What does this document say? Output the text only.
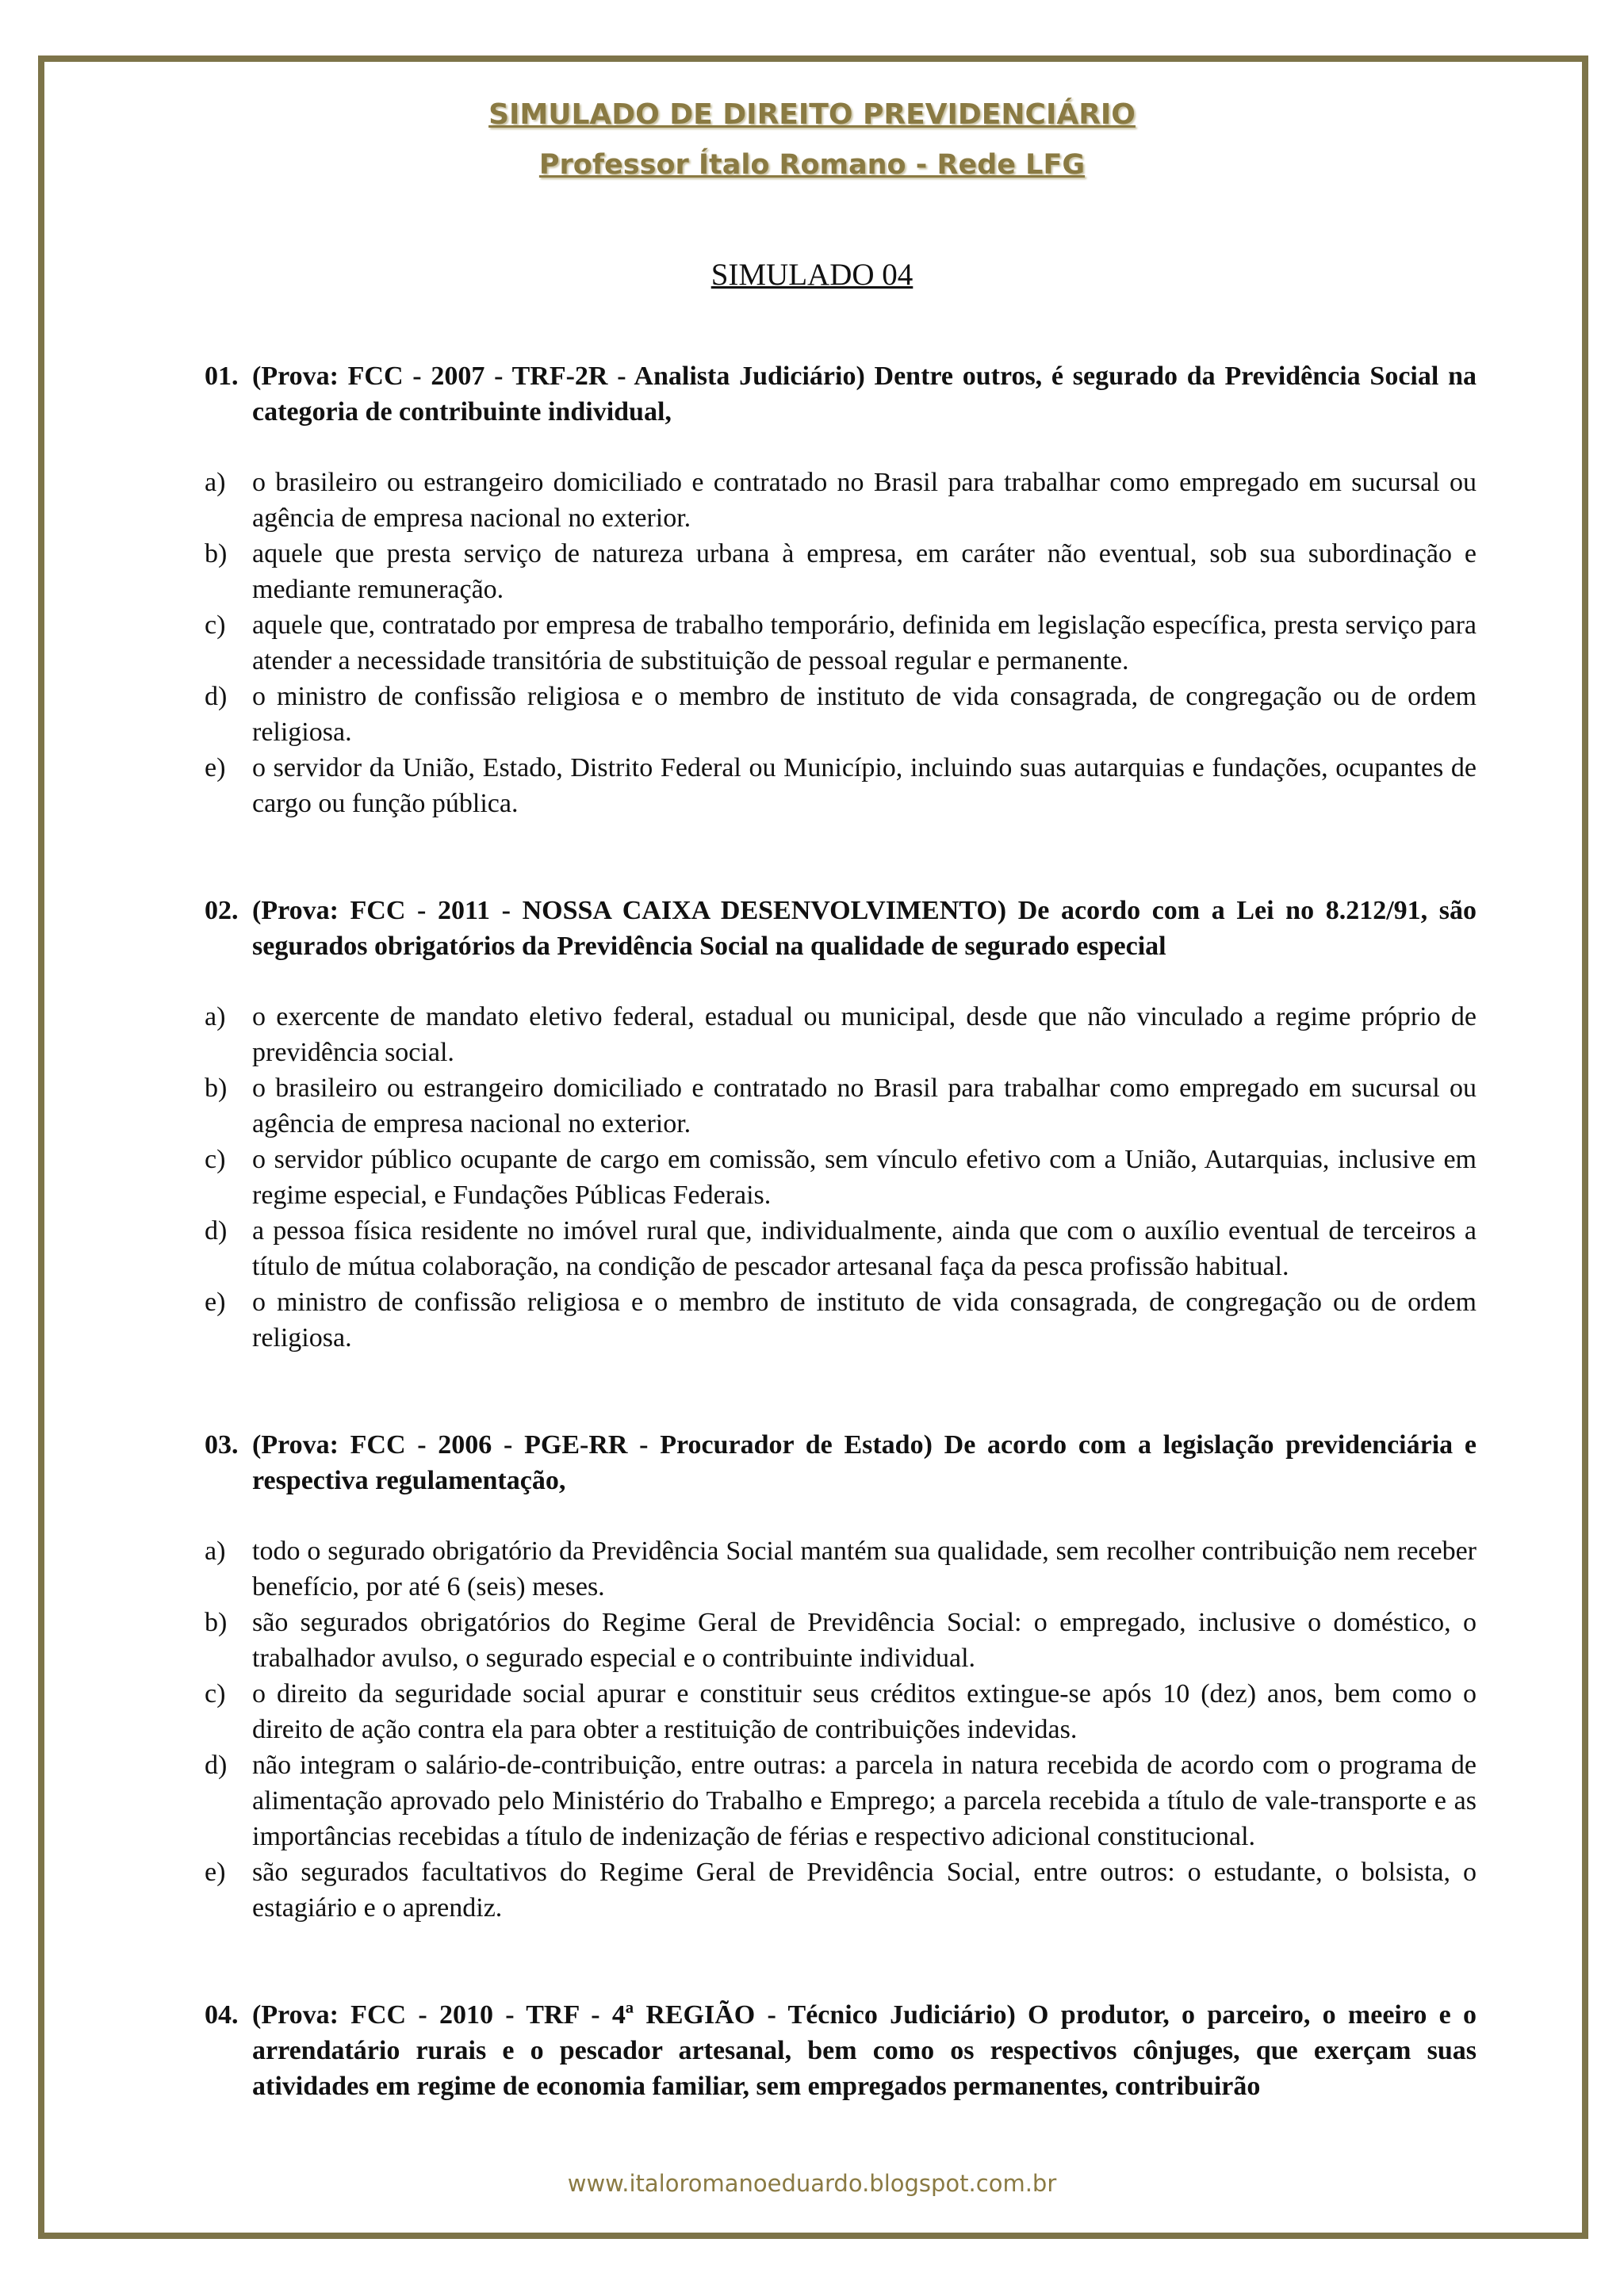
SIMULADO DE DIREITO PREVIDENCIÁRIO
Professor Ítalo Romano - Rede LFG
SIMULADO 04
01. (Prova: FCC - 2007 - TRF-2R - Analista Judiciário) Dentre outros, é segurado da Previdência Social na categoria de contribuinte individual,
a) o brasileiro ou estrangeiro domiciliado e contratado no Brasil para trabalhar como empregado em sucursal ou agência de empresa nacional no exterior.
b) aquele que presta serviço de natureza urbana à empresa, em caráter não eventual, sob sua subordinação e mediante remuneração.
c) aquele que, contratado por empresa de trabalho temporário, definida em legislação específica, presta serviço para atender a necessidade transitória de substituição de pessoal regular e permanente.
d) o ministro de confissão religiosa e o membro de instituto de vida consagrada, de congregação ou de ordem religiosa.
e) o servidor da União, Estado, Distrito Federal ou Município, incluindo suas autarquias e fundações, ocupantes de cargo ou função pública.
02. (Prova: FCC - 2011 - NOSSA CAIXA DESENVOLVIMENTO) De acordo com a Lei no 8.212/91, são segurados obrigatórios da Previdência Social na qualidade de segurado especial
a) o exercente de mandato eletivo federal, estadual ou municipal, desde que não vinculado a regime próprio de previdência social.
b) o brasileiro ou estrangeiro domiciliado e contratado no Brasil para trabalhar como empregado em sucursal ou agência de empresa nacional no exterior.
c) o servidor público ocupante de cargo em comissão, sem vínculo efetivo com a União, Autarquias, inclusive em regime especial, e Fundações Públicas Federais.
d) a pessoa física residente no imóvel rural que, individualmente, ainda que com o auxílio eventual de terceiros a título de mútua colaboração, na condição de pescador artesanal faça da pesca profissão habitual.
e) o ministro de confissão religiosa e o membro de instituto de vida consagrada, de congregação ou de ordem religiosa.
03. (Prova: FCC - 2006 - PGE-RR - Procurador de Estado) De acordo com a legislação previdenciária e respectiva regulamentação,
a) todo o segurado obrigatório da Previdência Social mantém sua qualidade, sem recolher contribuição nem receber benefício, por até 6 (seis) meses.
b) são segurados obrigatórios do Regime Geral de Previdência Social: o empregado, inclusive o doméstico, o trabalhador avulso, o segurado especial e o contribuinte individual.
c) o direito da seguridade social apurar e constituir seus créditos extingue-se após 10 (dez) anos, bem como o direito de ação contra ela para obter a restituição de contribuições indevidas.
d) não integram o salário-de-contribuição, entre outras: a parcela in natura recebida de acordo com o programa de alimentação aprovado pelo Ministério do Trabalho e Emprego; a parcela recebida a título de vale-transporte e as importâncias recebidas a título de indenização de férias e respectivo adicional constitucional.
e) são segurados facultativos do Regime Geral de Previdência Social, entre outros: o estudante, o bolsista, o estagiário e o aprendiz.
04. (Prova: FCC - 2010 - TRF - 4ª REGIÃO - Técnico Judiciário) O produtor, o parceiro, o meeiro e o arrendatário rurais e o pescador artesanal, bem como os respectivos cônjuges, que exerçam suas atividades em regime de economia familiar, sem empregados permanentes, contribuirão
www.italoromanoeduardo.blogspot.com.br
